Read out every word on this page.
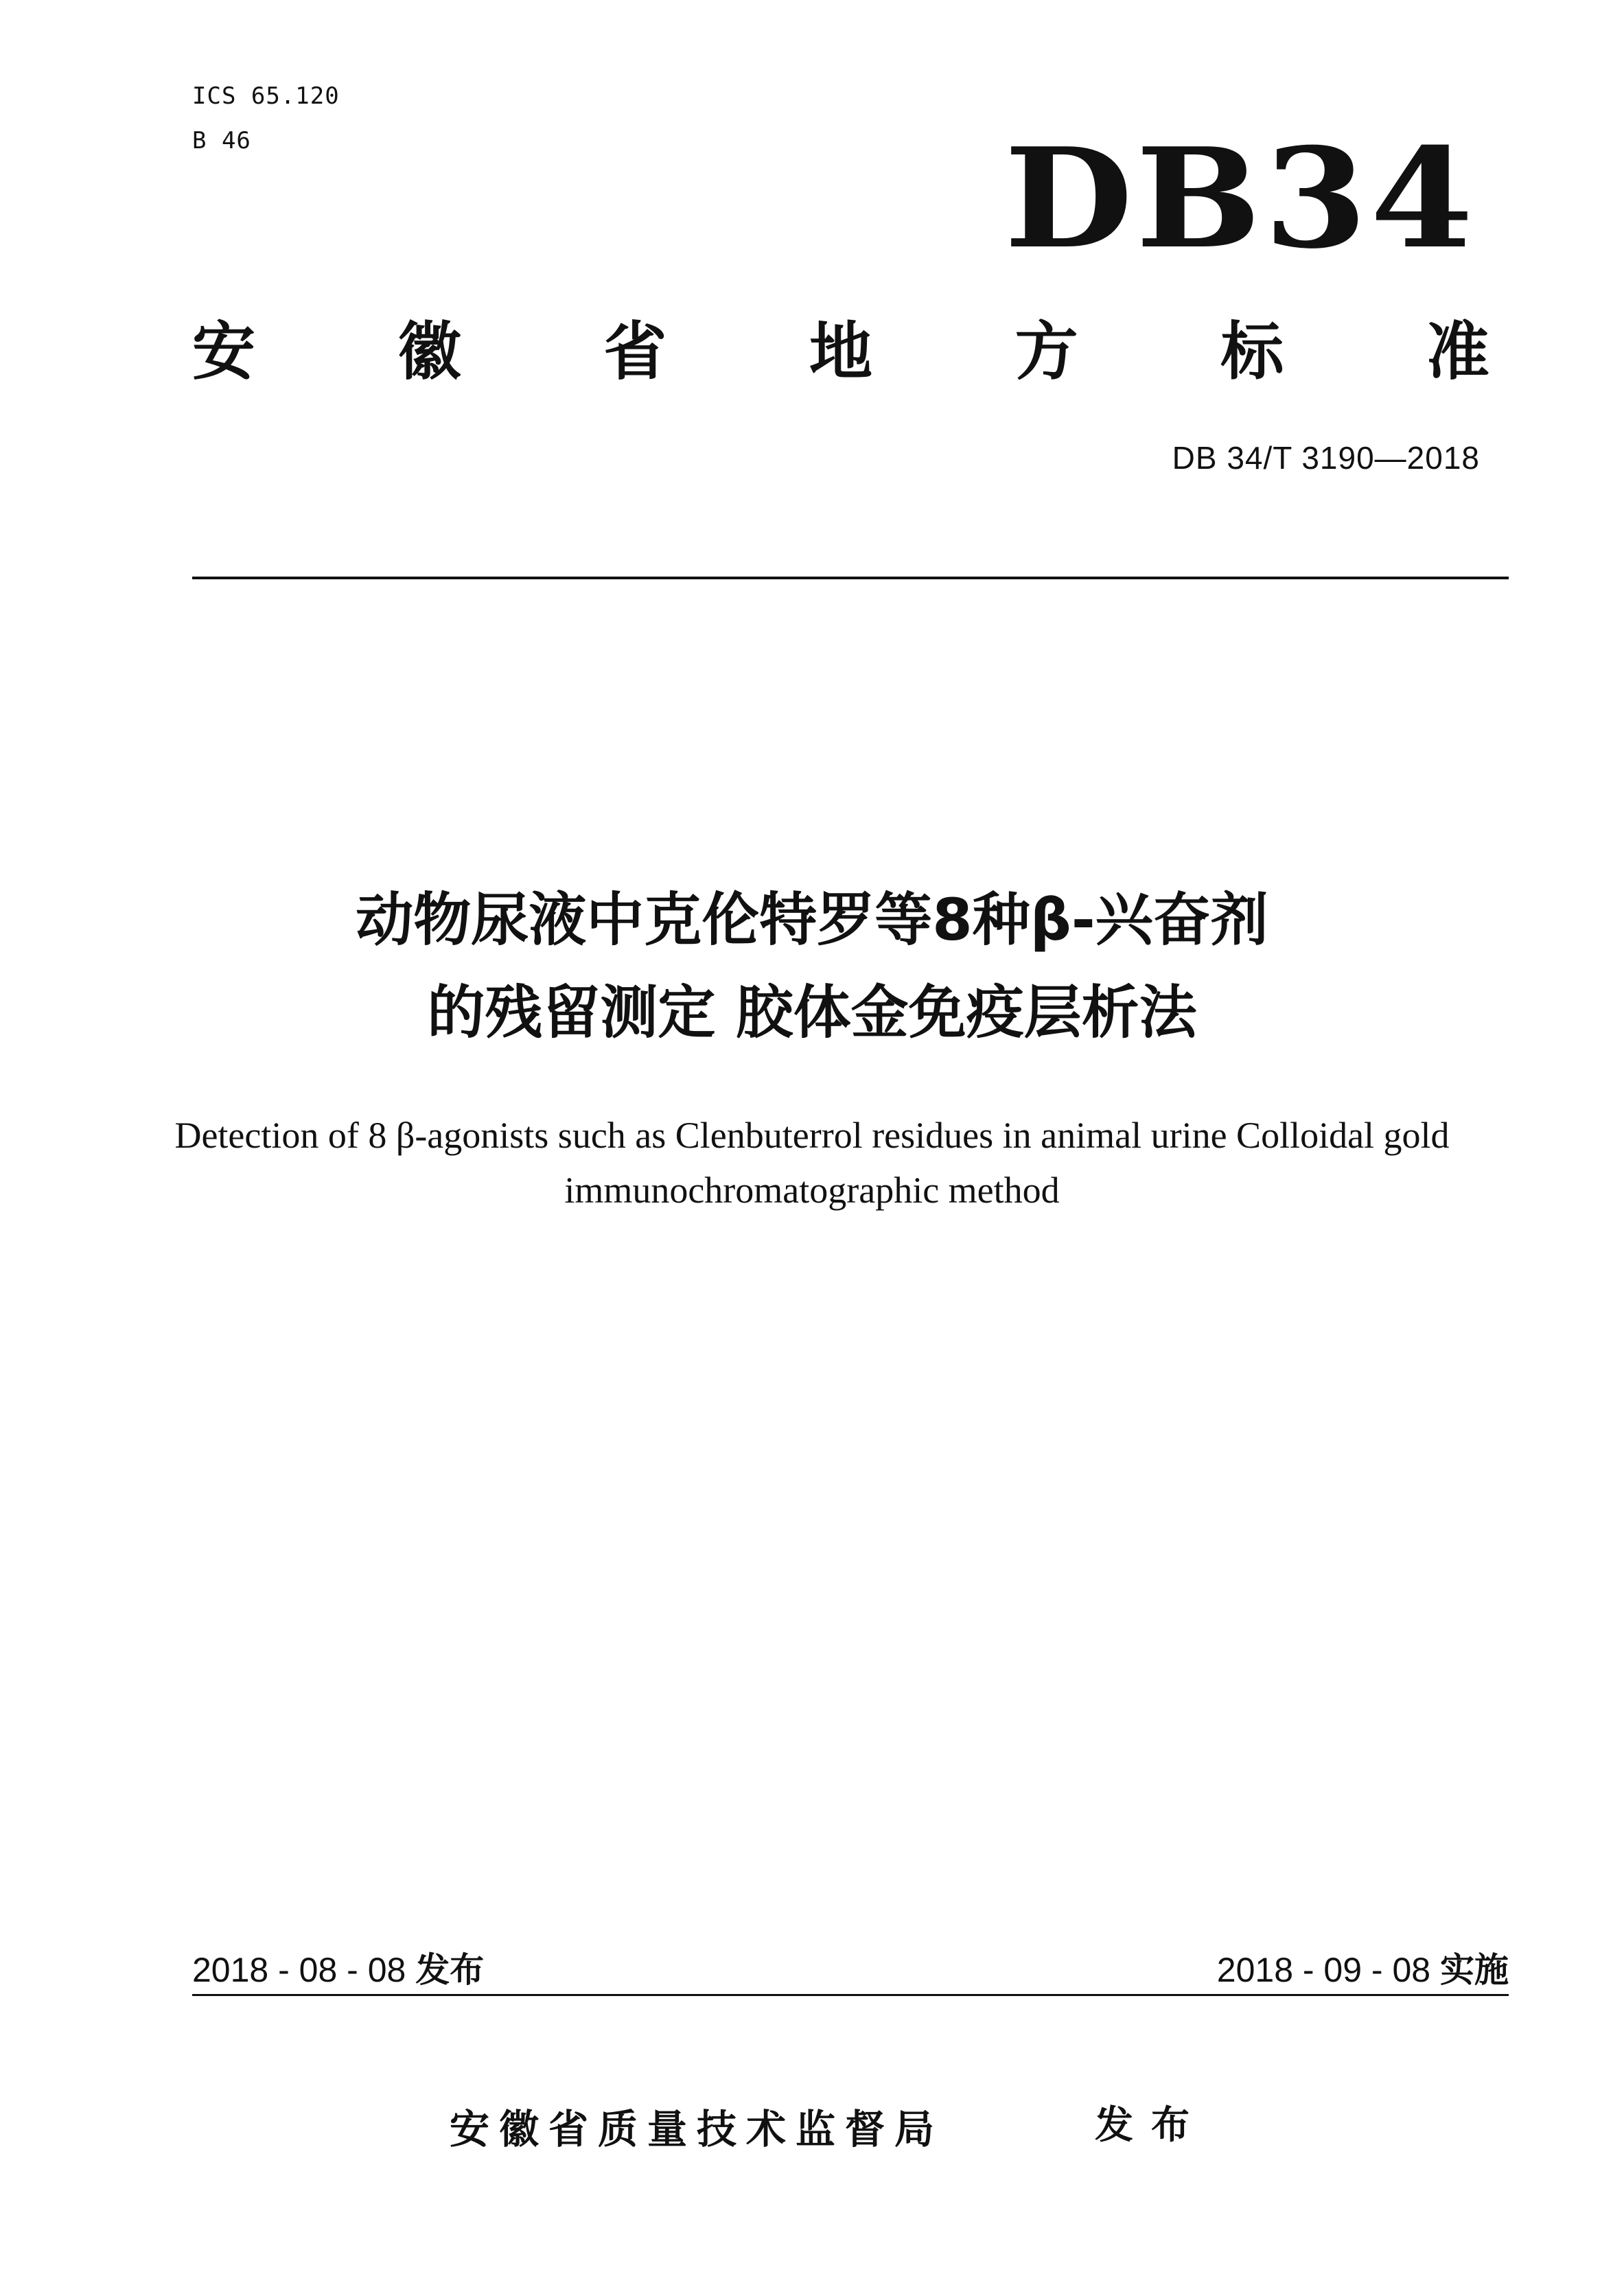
ICS 65.120
B 46	DB34
安 徽 省 地 方 标 准
DB 34/T 3190—2018
动物尿液中克伦特罗等8种β-兴奋剂
的残留测定 胶体金免疫层析法
Detection of 8 β-agonists such as Clenbuterrol residues in animal urine Colloidal gold
immunochromatographic method
2018 - 08 - 08 发布	2018 - 09 - 08 实施
安徽省质量技术监督局	发布
